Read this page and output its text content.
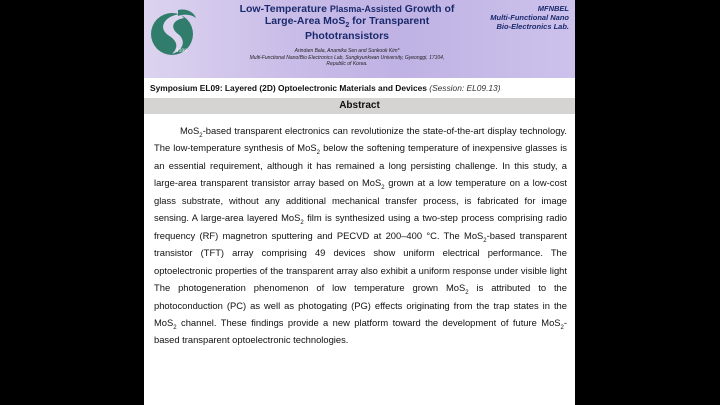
1398
Low-Temperature Plasma-Assisted Growth of
Large-Area MoS$_2$ for Transparent
Phototransistors
Arindam Bala, Anamika Sen and Sunkook Kim*
Multi-Functional Nano/Bio Electronics Lab, Sungkyunkwan University, Gyeonggi, 17104,
Republic of Korea.
MFNBEL
Multi-Functional Nano
Bio-Electronics Lab.
Symposium EL09: Layered (2D) Optoelectronic Materials and Devices (Session: EL09.13)
Abstract
MoS$_2$-based transparent electronics can revolutionize the state-of-the-art display technology. The low-temperature synthesis of MoS$_2$ below the softening temperature of inexpensive glasses is an essential requirement, although it has remained a long persisting challenge. In this study, a large-area transparent transistor array based on MoS$_2$ grown at a low temperature on a low-cost glass substrate, without any additional mechanical transfer process, is fabricated for image sensing. A large-area layered MoS$_2$ film is synthesized using a two-step process comprising radio frequency (RF) magnetron sputtering and PECVD at 200–400 °C. The MoS$_2$-based transparent transistor (TFT) array comprising 49 devices show uniform electrical performance. The optoelectronic properties of the transparent array also exhibit a uniform response under visible light The photogeneration phenomenon of low temperature grown MoS$_2$ is attributed to the photoconduction (PC) as well as photogating (PG) effects originating from the trap states in the MoS$_2$ channel. These findings provide a new platform toward the development of future MoS$_2$-based transparent optoelectronic technologies.
